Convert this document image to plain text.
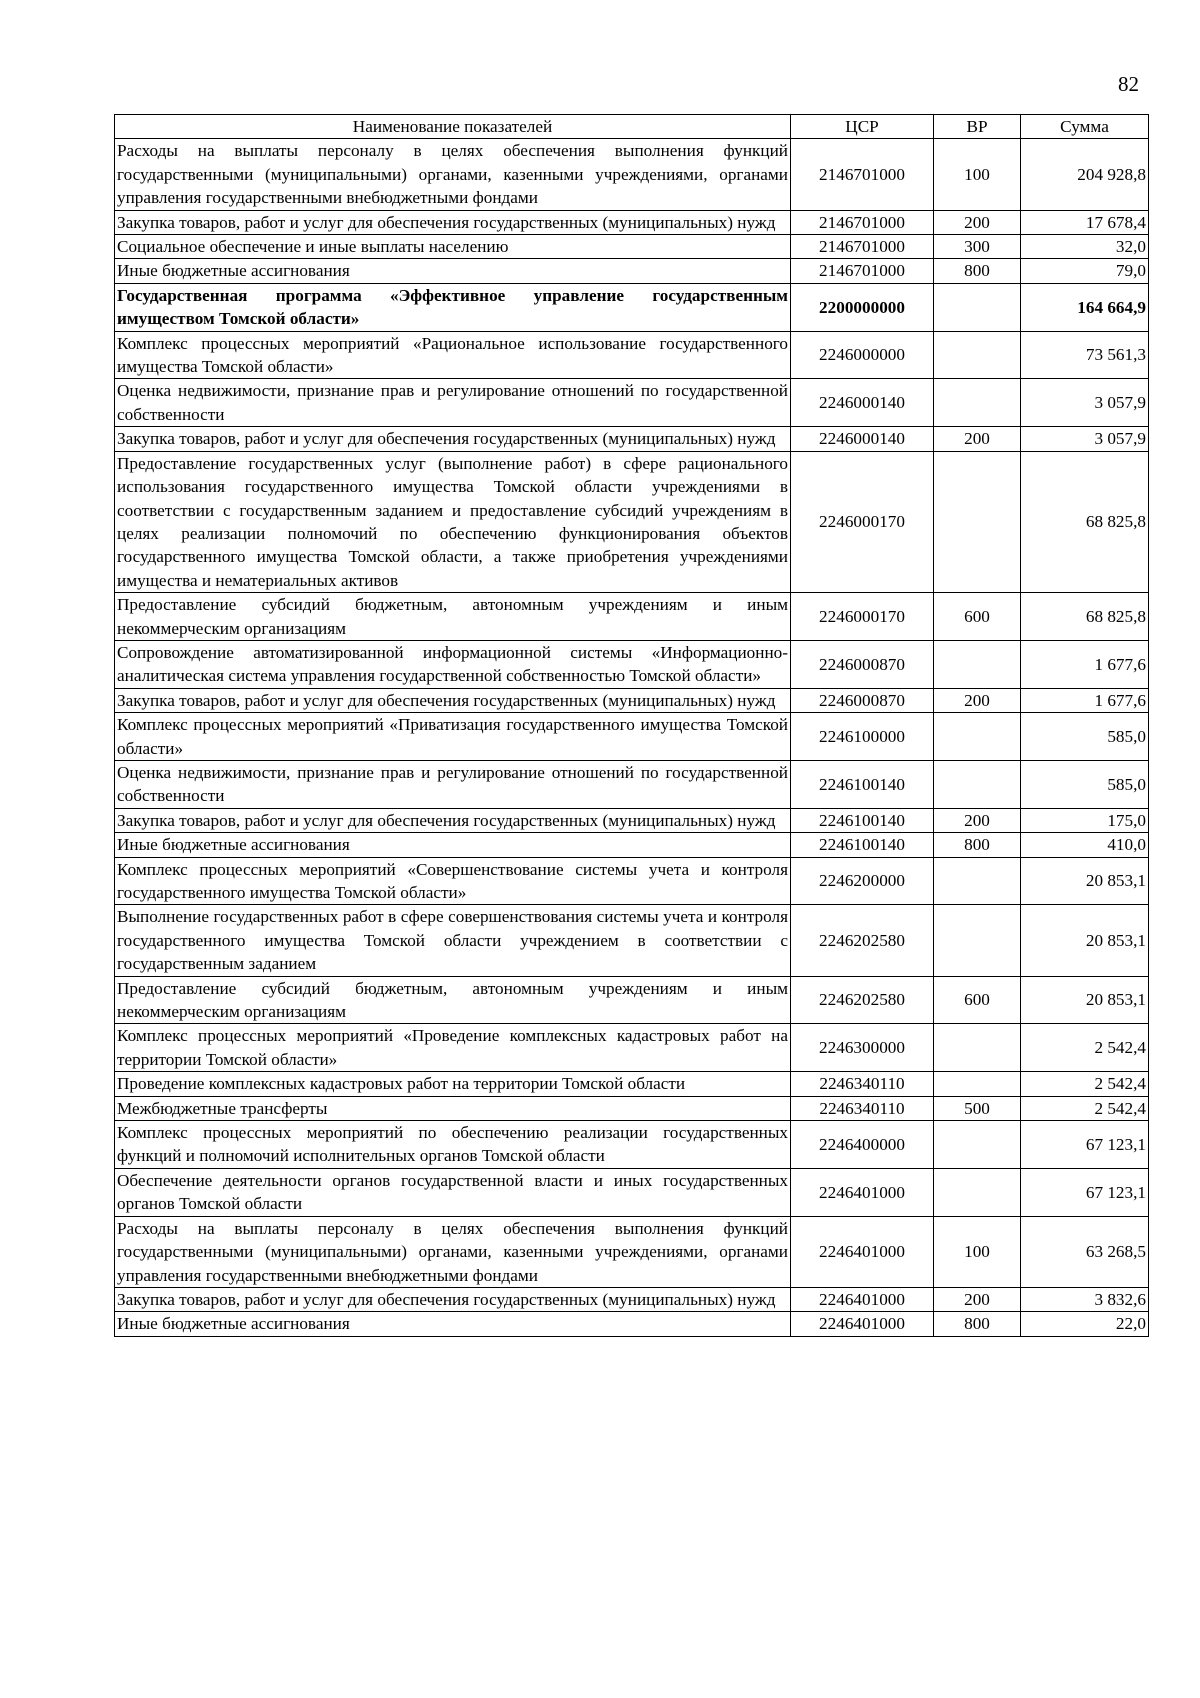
82
Наименование показателей	ЦСР	ВР	Сумма
Расходы на выплаты персоналу в целях обеспечения выполнения функций государственными (муниципальными) органами, казенными учреждениями, органами управления государственными внебюджетными фондами	2146701000	100	204 928,8
Закупка товаров, работ и услуг для обеспечения государственных (муниципальных) нужд	2146701000	200	17 678,4
Социальное обеспечение и иные выплаты населению	2146701000	300	32,0
Иные бюджетные ассигнования	2146701000	800	79,0
Государственная программа «Эффективное управление государственным имуществом Томской области»	2200000000		164 664,9
Комплекс процессных мероприятий «Рациональное использование государственного имущества Томской области»	2246000000		73 561,3
Оценка недвижимости, признание прав и регулирование отношений по государственной собственности	2246000140		3 057,9
Закупка товаров, работ и услуг для обеспечения государственных (муниципальных) нужд	2246000140	200	3 057,9
Предоставление государственных услуг (выполнение работ) в сфере рационального использования государственного имущества Томской области учреждениями в соответствии с государственным заданием и предоставление субсидий учреждениям в целях реализации полномочий по обеспечению функционирования объектов государственного имущества Томской области, а также приобретения учреждениями имущества и нематериальных активов	2246000170		68 825,8
Предоставление субсидий бюджетным, автономным учреждениям и иным некоммерческим организациям	2246000170	600	68 825,8
Сопровождение автоматизированной информационной системы «Информационно-аналитическая система управления государственной собственностью Томской области»	2246000870		1 677,6
Закупка товаров, работ и услуг для обеспечения государственных (муниципальных) нужд	2246000870	200	1 677,6
Комплекс процессных мероприятий «Приватизация государственного имущества Томской области»	2246100000		585,0
Оценка недвижимости, признание прав и регулирование отношений по государственной собственности	2246100140		585,0
Закупка товаров, работ и услуг для обеспечения государственных (муниципальных) нужд	2246100140	200	175,0
Иные бюджетные ассигнования	2246100140	800	410,0
Комплекс процессных мероприятий «Совершенствование системы учета и контроля государственного имущества Томской области»	2246200000		20 853,1
Выполнение государственных работ в сфере совершенствования системы учета и контроля государственного имущества Томской области учреждением в соответствии с государственным заданием	2246202580		20 853,1
Предоставление субсидий бюджетным, автономным учреждениям и иным некоммерческим организациям	2246202580	600	20 853,1
Комплекс процессных мероприятий «Проведение комплексных кадастровых работ на территории Томской области»	2246300000		2 542,4
Проведение комплексных кадастровых работ на территории Томской области	2246340110		2 542,4
Межбюджетные трансферты	2246340110	500	2 542,4
Комплекс процессных мероприятий по обеспечению реализации государственных функций и полномочий исполнительных органов Томской области	2246400000		67 123,1
Обеспечение деятельности органов государственной власти и иных государственных органов Томской области	2246401000		67 123,1
Расходы на выплаты персоналу в целях обеспечения выполнения функций государственными (муниципальными) органами, казенными учреждениями, органами управления государственными внебюджетными фондами	2246401000	100	63 268,5
Закупка товаров, работ и услуг для обеспечения государственных (муниципальных) нужд	2246401000	200	3 832,6
Иные бюджетные ассигнования	2246401000	800	22,0
